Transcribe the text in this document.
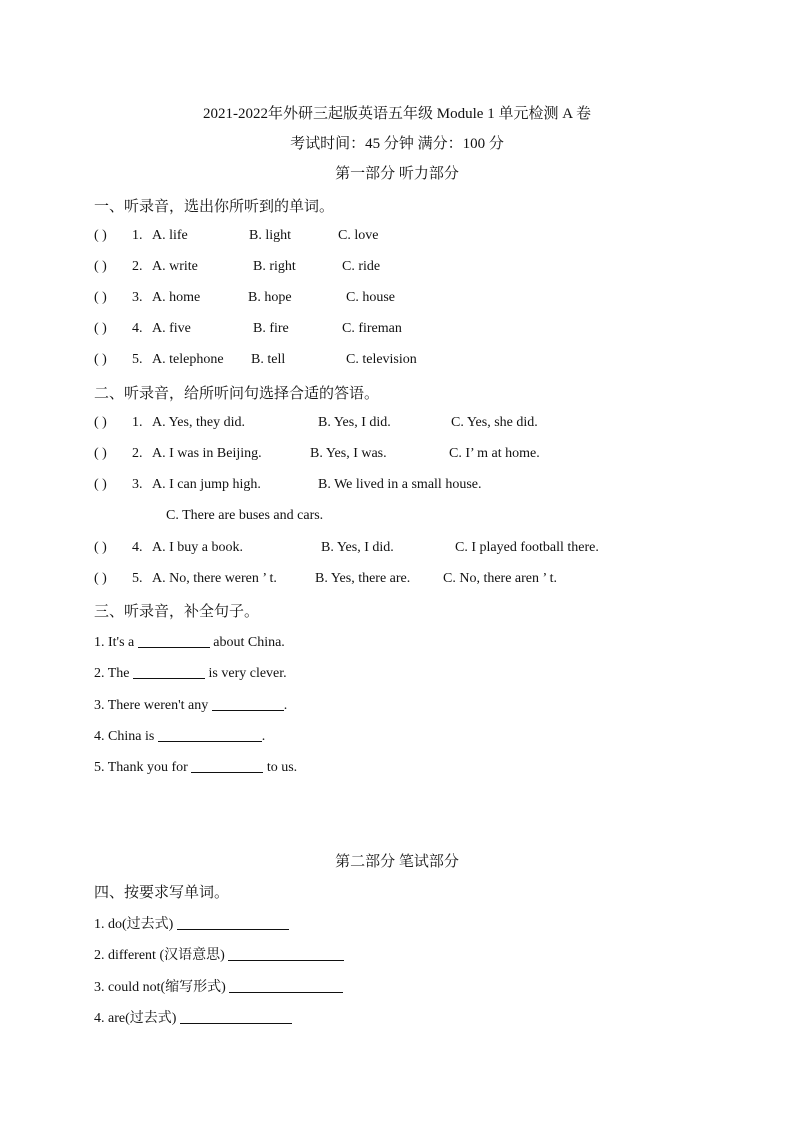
2021-2022年外研三起版英语五年级 Module 1 单元检测 A 卷
考试时间：45 分钟 满分：100 分
第一部分 听力部分
一、听录音，选出你所听到的单词。
( ) 1. A. life	B. light	C. love
( ) 2. A. write	B. right	C. ride
( ) 3. A. home	B. hope	C. house
( ) 4. A. five	B. fire	C. fireman
( ) 5. A. telephone B. tell	C. television
二、听录音，给所听问句选择合适的答语。
( ) 1. A. Yes, they did.	B. Yes, I did.	C. Yes, she did.
( ) 2. A. I was in Beijing.	B. Yes, I was.	C. I’ m at home.
( ) 3. A. I can jump high.	B. We lived in a small house.
C. There are buses and cars.
( ) 4. A. I buy a book.	B. Yes, I did.	C. I played football there.
( ) 5. A. No, there weren ’ t.	B. Yes, there are. C. No, there aren ’ t.
三、听录音，补全句子。
1. It's a	about China.
2. The	is very clever.
3. There weren't any	.
4. China is	.
5. Thank you for	to us.
第二部分 笔试部分
四、按要求写单词。
1. do(过去式)
2. different (汉语意思)
3. could not(缩写形式)
4. are(过去式)
